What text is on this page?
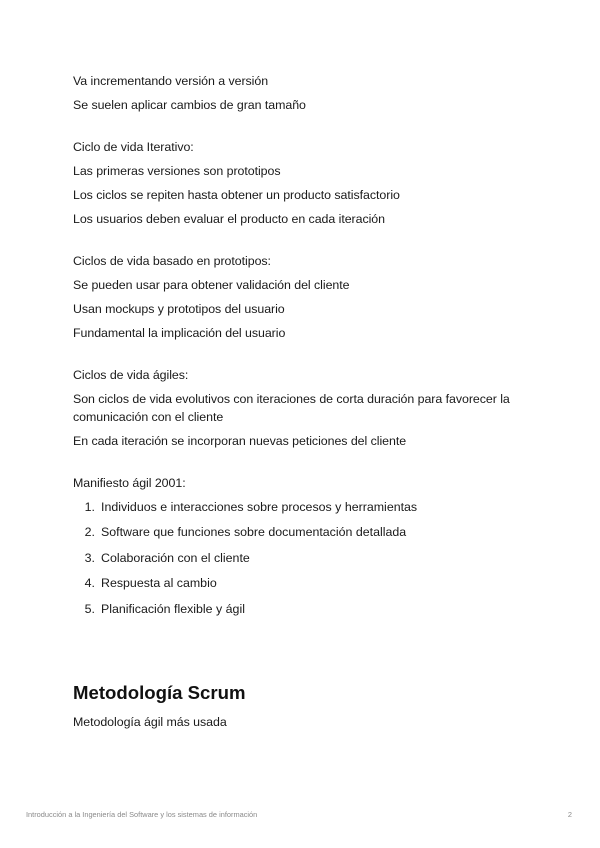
Va incrementando versión a versión

Se suelen aplicar cambios de gran tamaño

Ciclo de vida Iterativo:

Las primeras versiones son prototipos

Los ciclos se repiten hasta obtener un producto satisfactorio

Los usuarios deben evaluar el producto en cada iteración

Ciclos de vida basado en prototipos:

Se pueden usar para obtener validación del cliente

Usan mockups y prototipos del usuario

Fundamental la implicación del usuario

Ciclos de vida ágiles:

Son ciclos de vida evolutivos con iteraciones de corta duración para favorecer la comunicación con el cliente

En cada iteración se incorporan nuevas peticiones del cliente

Manifiesto ágil 2001:

1. Individuos e interacciones sobre procesos y herramientas
2. Software que funciones sobre documentación detallada
3. Colaboración con el cliente
4. Respuesta al cambio
5. Planificación flexible y ágil
Metodología Scrum

Metodología ágil más usada

Introducción a la Ingeniería del Software y los sistemas de información	2
